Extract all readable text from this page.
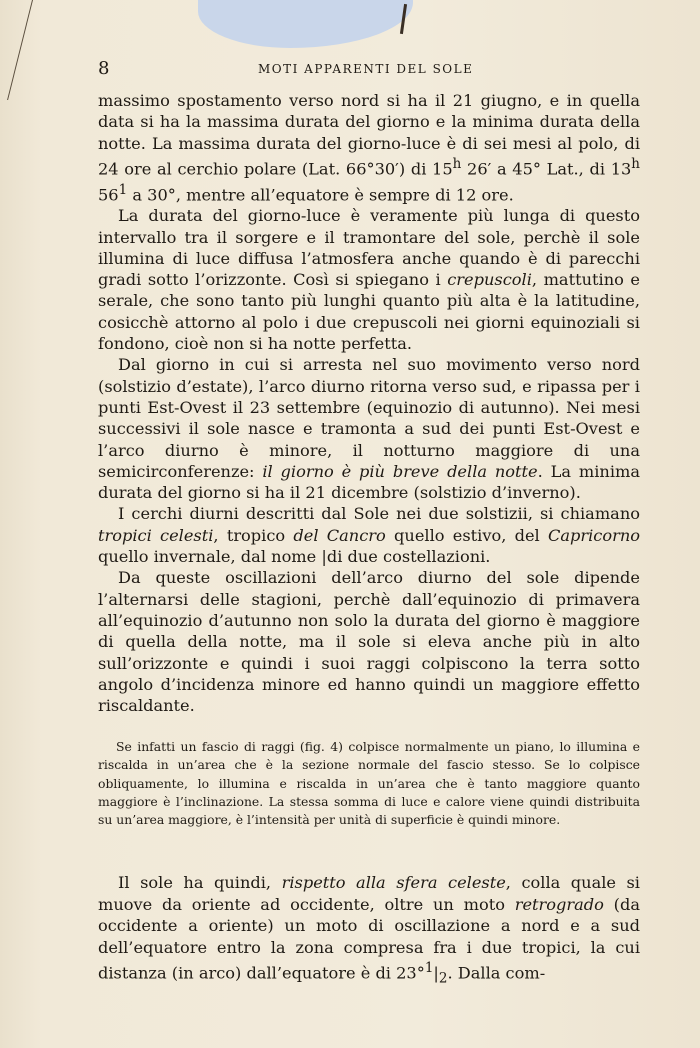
8	MOTI APPARENTI DEL SOLE

massimo spostamento verso nord si ha il 21 giugno, e in quella data si ha la massima durata del giorno e la minima durata della notte. La massima durata del giorno-luce è di sei mesi al polo, di 24 ore al cerchio polare (Lat. 66°30′) di 15$^h$ 26′ a 45° Lat., di 13$^h$ $56^1$ a 30°, mentre all’equatore è sempre di 12 ore.

La durata del giorno-luce è veramente più lunga di questo intervallo tra il sorgere e il tramontare del sole, perchè il sole illumina di luce diffusa l’atmosfera anche quando è di parecchi gradi sotto l’orizzonte. Così si spiegano i crepuscoli, mattutino e serale, che sono tanto più lunghi quanto più alta è la latitudine, cosicchè attorno al polo i due crepuscoli nei giorni equinoziali si fondono, cioè non si ha notte perfetta.

Dal giorno in cui si arresta nel suo movimento verso nord (solstizio d’estate), l’arco diurno ritorna verso sud, e ripassa per i punti Est-Ovest il 23 settembre (equinozio di autunno). Nei mesi successivi il sole nasce e tramonta a sud dei punti Est-Ovest e l’arco diurno è minore, il notturno maggiore di una semicirconferenze: il giorno è più breve della notte. La minima durata del giorno si ha il 21 dicembre (solstizio d’inverno).

I cerchi diurni descritti dal Sole nei due solstizii, si chiamano tropici celesti, tropico del Cancro quello estivo, del Capricorno quello invernale, dal nome |di due costellazioni.

Da queste oscillazioni dell’arco diurno del sole dipende l’alternarsi delle stagioni, perchè dall’equinozio di primavera all’equinozio d’autunno non solo la durata del giorno è maggiore di quella della notte, ma il sole si eleva anche più in alto sull’orizzonte e quindi i suoi raggi colpiscono la terra sotto angolo d’incidenza minore ed hanno quindi un maggiore effetto riscaldante.

Se infatti un fascio di raggi (fig. 4) colpisce normalmente un piano, lo illumina e riscalda in un’area che è la sezione normale del fascio stesso. Se lo colpisce obliquamente, lo illumina e riscalda in un’area che è tanto maggiore quanto maggiore è l’inclinazione. La stessa somma di luce e calore viene quindi distribuita su un’area maggiore, è l’intensità per unità di superficie è quindi minore.

Il sole ha quindi, rispetto alla sfera celeste, colla quale si muove da oriente ad occidente, oltre un moto retrogrado (da occidente a oriente) un moto di oscillazione a nord e a sud dell’equatore entro la zona compresa fra i due tropici, la cui distanza (in arco) dall’equatore è di $23^\circ^1|_2$. Dalla com-
